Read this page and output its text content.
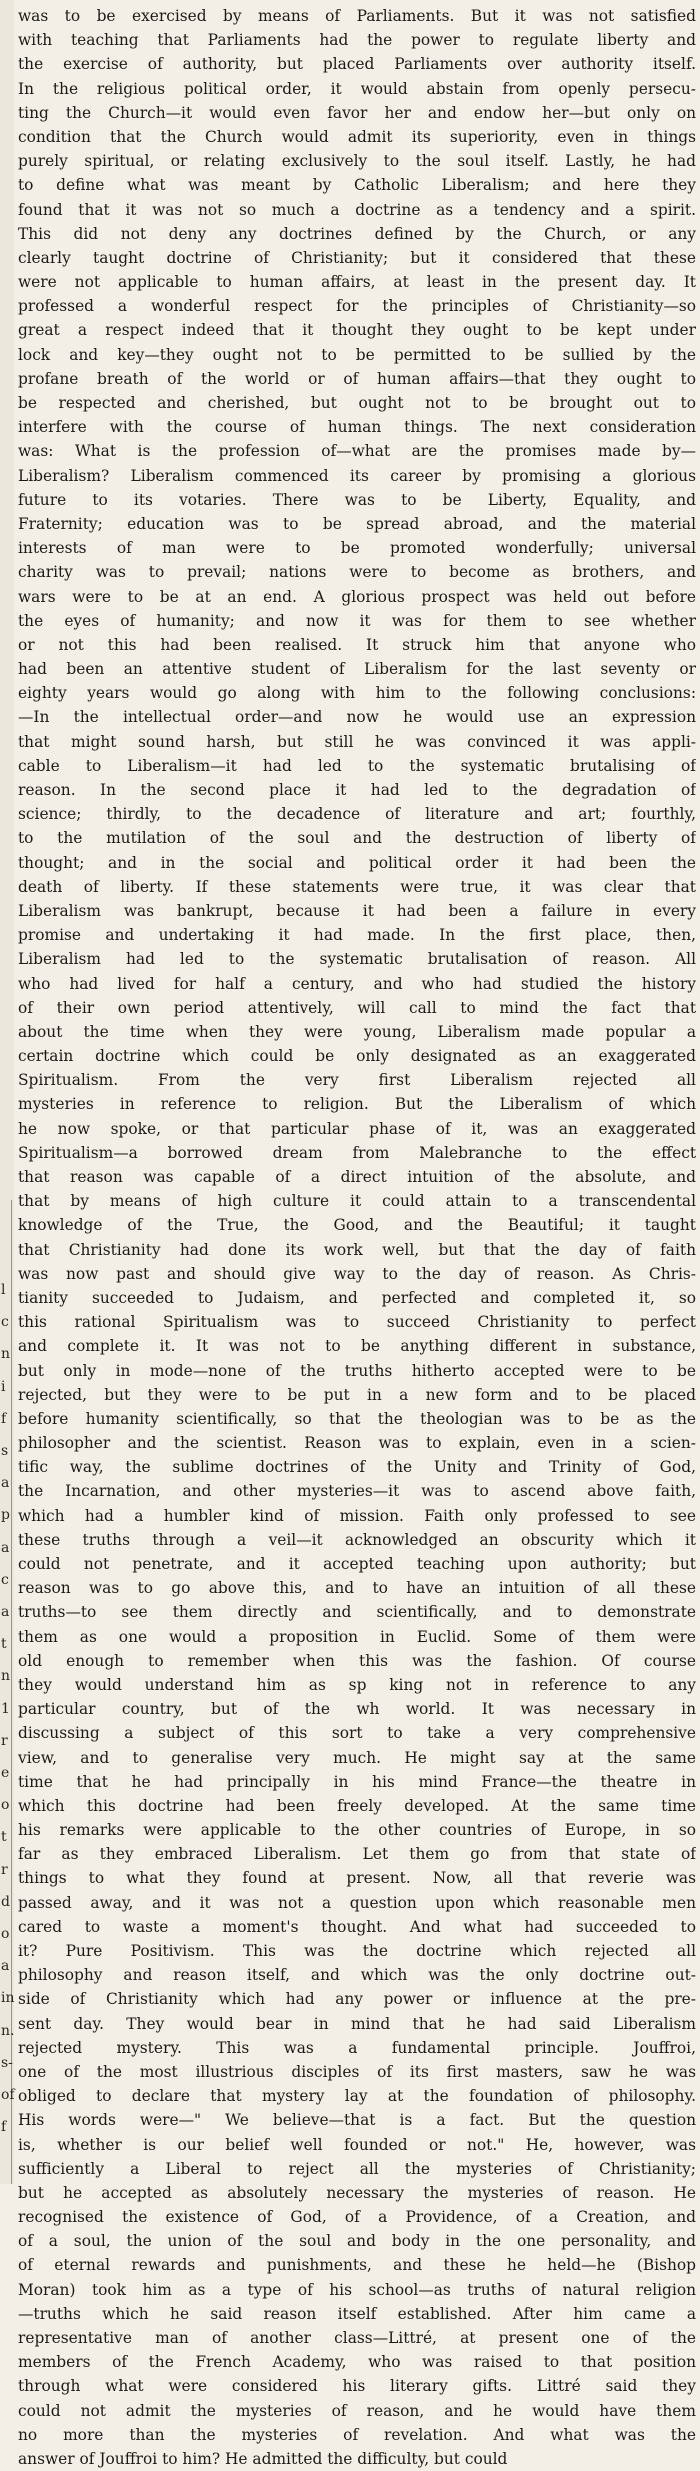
l
c
n
i
f
s
a
p
a
c
a
t
n
1
r
e
o
t
r
d
o
a
in
n.
s-
of
f
was to be exercised by means of Parliaments. But it was not satisfied
with teaching that Parliaments had the power to regulate liberty and
the exercise of authority, but placed Parliaments over authority itself.
In the religious political order, it would abstain from openly persecu-
ting the Church—it would even favor her and endow her—but only on
condition that the Church would admit its superiority, even in things
purely spiritual, or relating exclusively to the soul itself. Lastly, he had
to define what was meant by Catholic Liberalism; and here they
found that it was not so much a doctrine as a tendency and a spirit.
This did not deny any doctrines defined by the Church, or any
clearly taught doctrine of Christianity; but it considered that these
were not applicable to human affairs, at least in the present day. It
professed a wonderful respect for the principles of Christianity—so
great a respect indeed that it thought they ought to be kept under
lock and key—they ought not to be permitted to be sullied by the
profane breath of the world or of human affairs—that they ought to
be respected and cherished, but ought not to be brought out to
interfere with the course of human things. The next consideration
was: What is the profession of—what are the promises made by—
Liberalism? Liberalism commenced its career by promising a glorious
future to its votaries. There was to be Liberty, Equality, and
Fraternity; education was to be spread abroad, and the material
interests of man were to be promoted wonderfully; universal
charity was to prevail; nations were to become as brothers, and
wars were to be at an end. A glorious prospect was held out before
the eyes of humanity; and now it was for them to see whether
or not this had been realised. It struck him that anyone who
had been an attentive student of Liberalism for the last seventy or
eighty years would go along with him to the following conclusions:
—In the intellectual order—and now he would use an expression
that might sound harsh, but still he was convinced it was appli-
cable to Liberalism—it had led to the systematic brutalising of
reason. In the second place it had led to the degradation of
science; thirdly, to the decadence of literature and art; fourthly,
to the mutilation of the soul and the destruction of liberty of
thought; and in the social and political order it had been the
death of liberty. If these statements were true, it was clear that
Liberalism was bankrupt, because it had been a failure in every
promise and undertaking it had made. In the first place, then,
Liberalism had led to the systematic brutalisation of reason. All
who had lived for half a century, and who had studied the history
of their own period attentively, will call to mind the fact that
about the time when they were young, Liberalism made popular a
certain doctrine which could be only designated as an exaggerated
Spiritualism. From the very first Liberalism rejected all
mysteries in reference to religion. But the Liberalism of which
he now spoke, or that particular phase of it, was an exaggerated
Spiritualism—a borrowed dream from Malebranche to the effect
that reason was capable of a direct intuition of the absolute, and
that by means of high culture it could attain to a transcendental
knowledge of the True, the Good, and the Beautiful; it taught
that Christianity had done its work well, but that the day of faith
was now past and should give way to the day of reason. As Chris-
tianity succeeded to Judaism, and perfected and completed it, so
this rational Spiritualism was to succeed Christianity to perfect
and complete it. It was not to be anything different in substance,
but only in mode—none of the truths hitherto accepted were to be
rejected, but they were to be put in a new form and to be placed
before humanity scientifically, so that the theologian was to be as the
philosopher and the scientist. Reason was to explain, even in a scien-
tific way, the sublime doctrines of the Unity and Trinity of God,
the Incarnation, and other mysteries—it was to ascend above faith,
which had a humbler kind of mission. Faith only professed to see
these truths through a veil—it acknowledged an obscurity which it
could not penetrate, and it accepted teaching upon authority; but
reason was to go above this, and to have an intuition of all these
truths—to see them directly and scientifically, and to demonstrate
them as one would a proposition in Euclid. Some of them were
old enough to remember when this was the fashion. Of course
they would understand him as sp king not in reference to any
particular country, but of the wh world. It was necessary in
discussing a subject of this sort to take a very comprehensive
view, and to generalise very much. He might say at the same
time that he had principally in his mind France—the theatre in
which this doctrine had been freely developed. At the same time
his remarks were applicable to the other countries of Europe, in so
far as they embraced Liberalism. Let them go from that state of
things to what they found at present. Now, all that reverie was
passed away, and it was not a question upon which reasonable men
cared to waste a moment's thought. And what had succeeded to
it? Pure Positivism. This was the doctrine which rejected all
philosophy and reason itself, and which was the only doctrine out-
side of Christianity which had any power or influence at the pre-
sent day. They would bear in mind that he had said Liberalism
rejected mystery. This was a fundamental principle. Jouffroi,
one of the most illustrious disciples of its first masters, saw he was
obliged to declare that mystery lay at the foundation of philosophy.
His words were—" We believe—that is a fact. But the question
is, whether is our belief well founded or not." He, however, was
sufficiently a Liberal to reject all the mysteries of Christianity;
but he accepted as absolutely necessary the mysteries of reason. He
recognised the existence of God, of a Providence, of a Creation, and
of a soul, the union of the soul and body in the one personality, and
of eternal rewards and punishments, and these he held—he (Bishop
Moran) took him as a type of his school—as truths of natural religion
—truths which he said reason itself established. After him came a
representative man of another class—Littré, at present one of the
members of the French Academy, who was raised to that position
through what were considered his literary gifts. Littré said they
could not admit the mysteries of reason, and he would have them
no more than the mysteries of revelation. And what was the
answer of Jouffroi to him? He admitted the difficulty, but could
